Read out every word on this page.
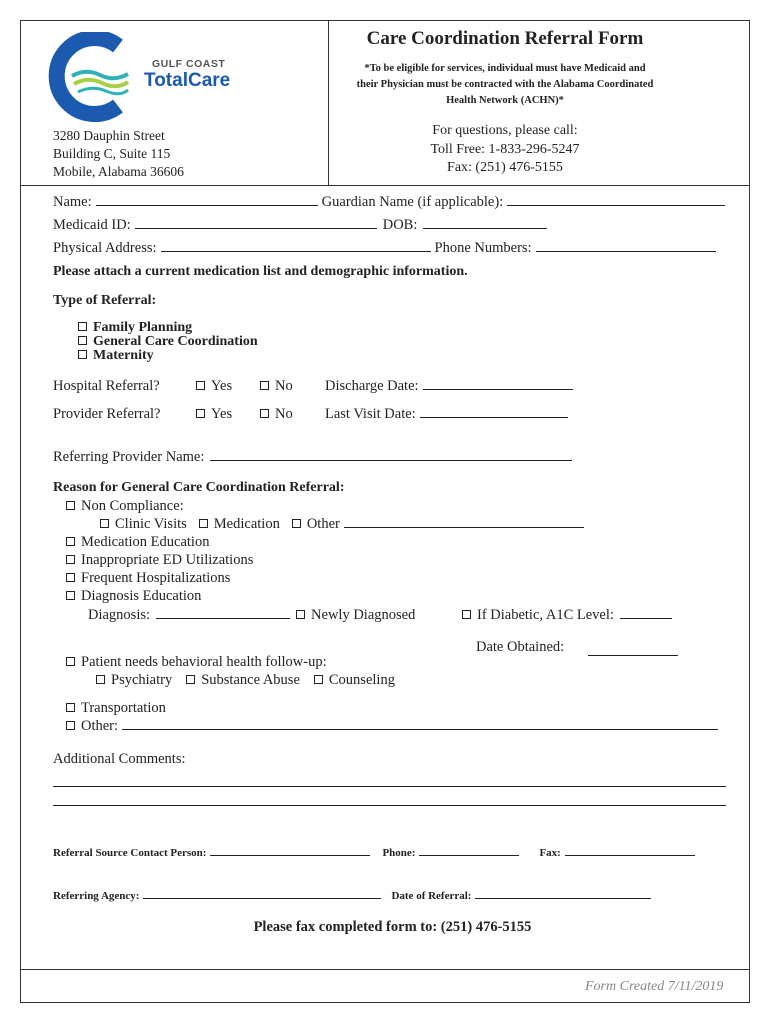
GULF COAST
TotalCare
3280 Dauphin Street
Building C, Suite 115
Mobile, Alabama 36606
Care Coordination Referral Form
*To be eligible for services, individual must have Medicaid and
their Physician must be contracted with the Alabama Coordinated
Health Network (ACHN)*
For questions, please call:
Toll Free: 1-833-296-5247
Fax: (251) 476-5155
Name:	Guardian Name (if applicable):
Medicaid ID:	DOB:
Physical Address:	Phone Numbers:
Please attach a current medication list and demographic information.
Type of Referral:
Family Planning
General Care Coordination
Maternity
Hospital Referral?	Yes	No Discharge Date:
Provider Referral?	Yes	No Last Visit Date:
Referring Provider Name:
Reason for General Care Coordination Referral:
Non Compliance:
Clinic Visits	Medication	Other
Medication Education
Inappropriate ED Utilizations
Frequent Hospitalizations
Diagnosis Education
Diagnosis:	Newly Diagnosed	If Diabetic, A1C Level:
Date Obtained:
Patient needs behavioral health follow-up:
Psychiatry	Substance Abuse	Counseling
Transportation
Other:
Additional Comments:
Referral Source Contact Person:	Phone:	Fax:
Referring Agency:	Date of Referral:
Please fax completed form to: (251) 476-5155
Form Created 7/11/2019
